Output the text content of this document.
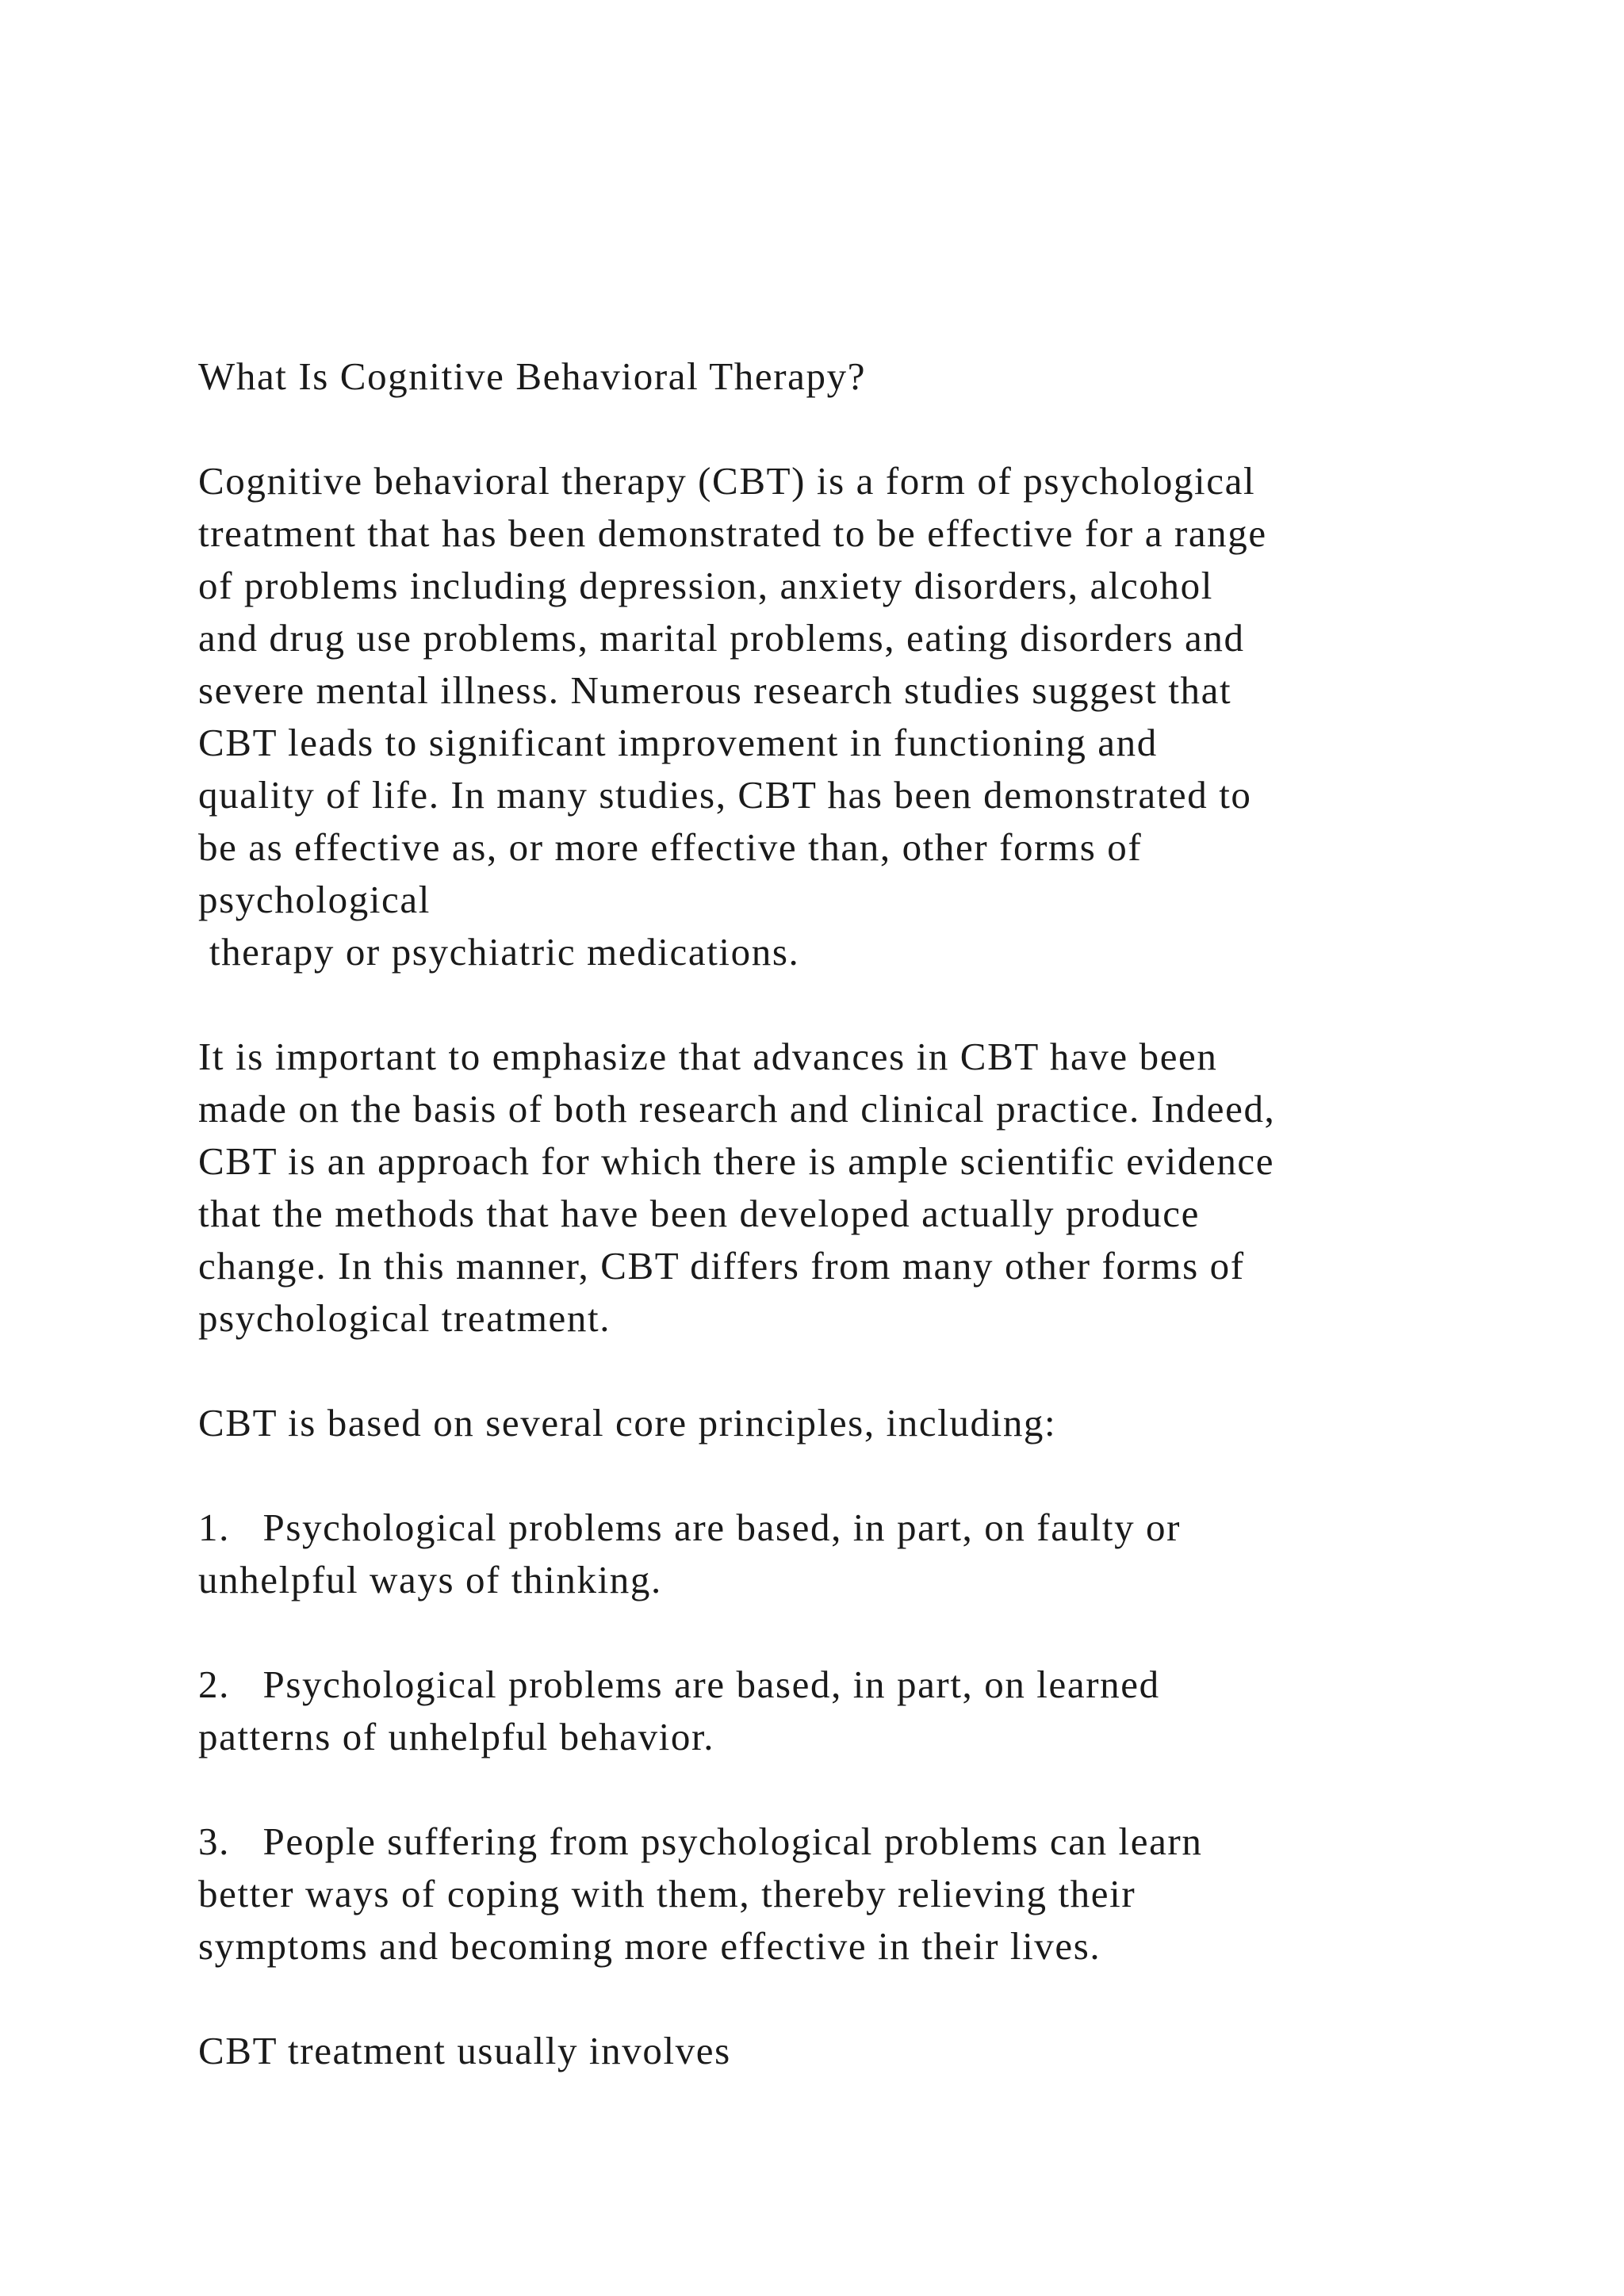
What Is Cognitive Behavioral Therapy?
Cognitive behavioral therapy (CBT) is a form of psychological
treatment that has been demonstrated to be effective for a range
of problems including depression, anxiety disorders, alcohol
and drug use problems, marital problems, eating disorders and
severe mental illness. Numerous research studies suggest that
CBT leads to significant improvement in functioning and
quality of life. In many studies, CBT has been demonstrated to
be as effective as, or more effective than, other forms of
psychological
therapy or psychiatric medications.
It is important to emphasize that advances in CBT have been
made on the basis of both research and clinical practice. Indeed,
CBT is an approach for which there is ample scientific evidence
that the methods that have been developed actually produce
change. In this manner, CBT differs from many other forms of
psychological treatment.
CBT is based on several core principles, including:
1.   Psychological problems are based, in part, on faulty or
unhelpful ways of thinking.
2.   Psychological problems are based, in part, on learned
patterns of unhelpful behavior.
3.   People suffering from psychological problems can learn
better ways of coping with them, thereby relieving their
symptoms and becoming more effective in their lives.
CBT treatment usually involves
